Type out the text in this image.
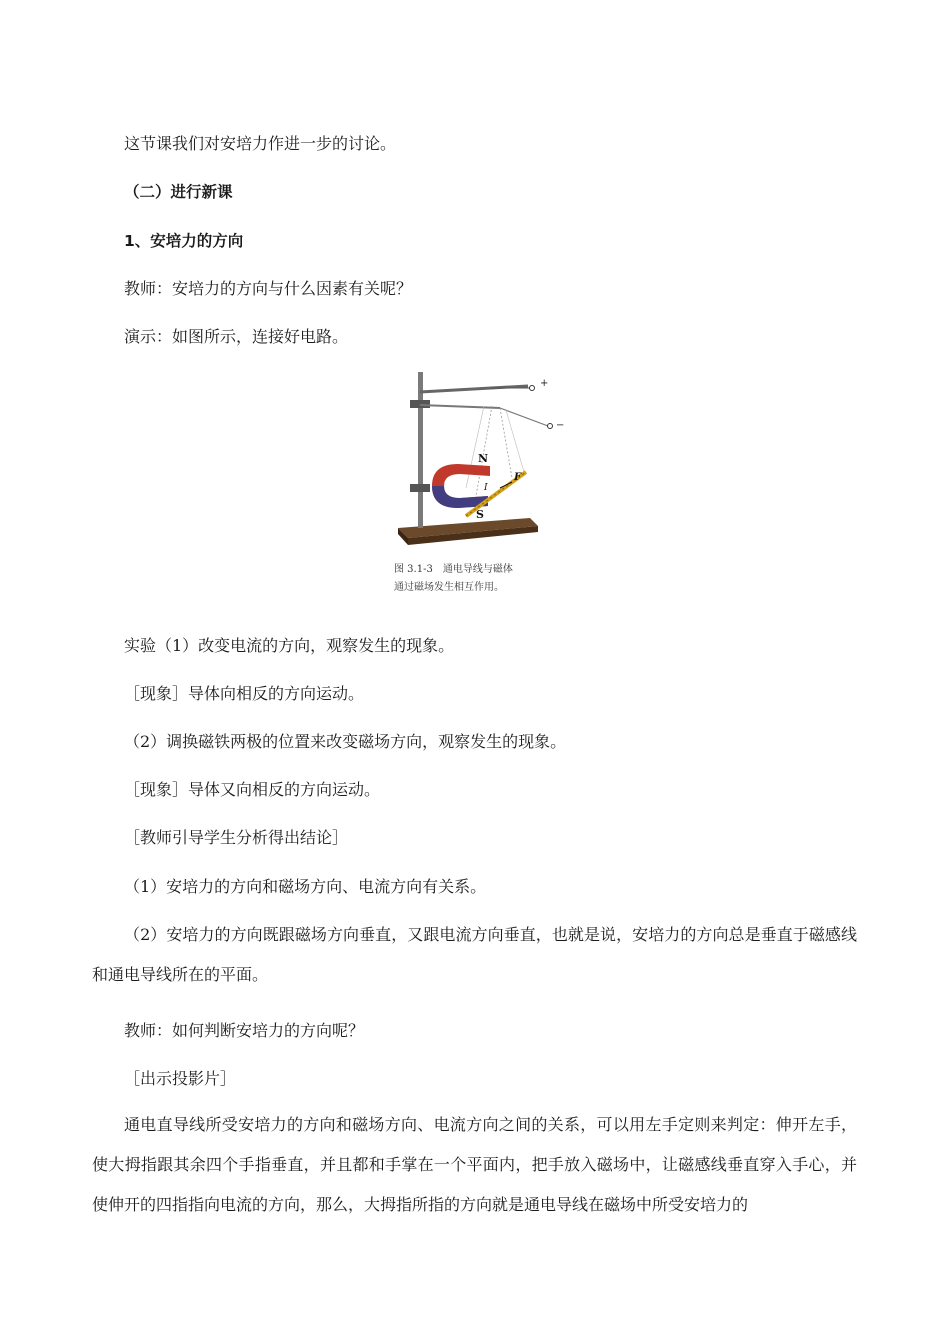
这节课我们对安培力作进一步的讨论。
（二）进行新课
1、安培力的方向
教师：安培力的方向与什么因素有关呢？
演示：如图所示，连接好电路。
+
−
N
S
I
F
图 3.1-3　通电导线与磁体
通过磁场发生相互作用。
实验（1）改变电流的方向，观察发生的现象。
［现象］导体向相反的方向运动。
（2）调换磁铁两极的位置来改变磁场方向，观察发生的现象。
［现象］导体又向相反的方向运动。
［教师引导学生分析得出结论］
（1）安培力的方向和磁场方向、电流方向有关系。
（2）安培力的方向既跟磁场方向垂直，又跟电流方向垂直，也就是说，安培力的方向总是垂直于磁感线和通电导线所在的平面。
教师：如何判断安培力的方向呢？
［出示投影片］
通电直导线所受安培力的方向和磁场方向、电流方向之间的关系，可以用左手定则来判定：伸开左手，使大拇指跟其余四个手指垂直，并且都和手掌在一个平面内，把手放入磁场中，让磁感线垂直穿入手心，并使伸开的四指指向电流的方向，那么，大拇指所指的方向就是通电导线在磁场中所受安培力的
